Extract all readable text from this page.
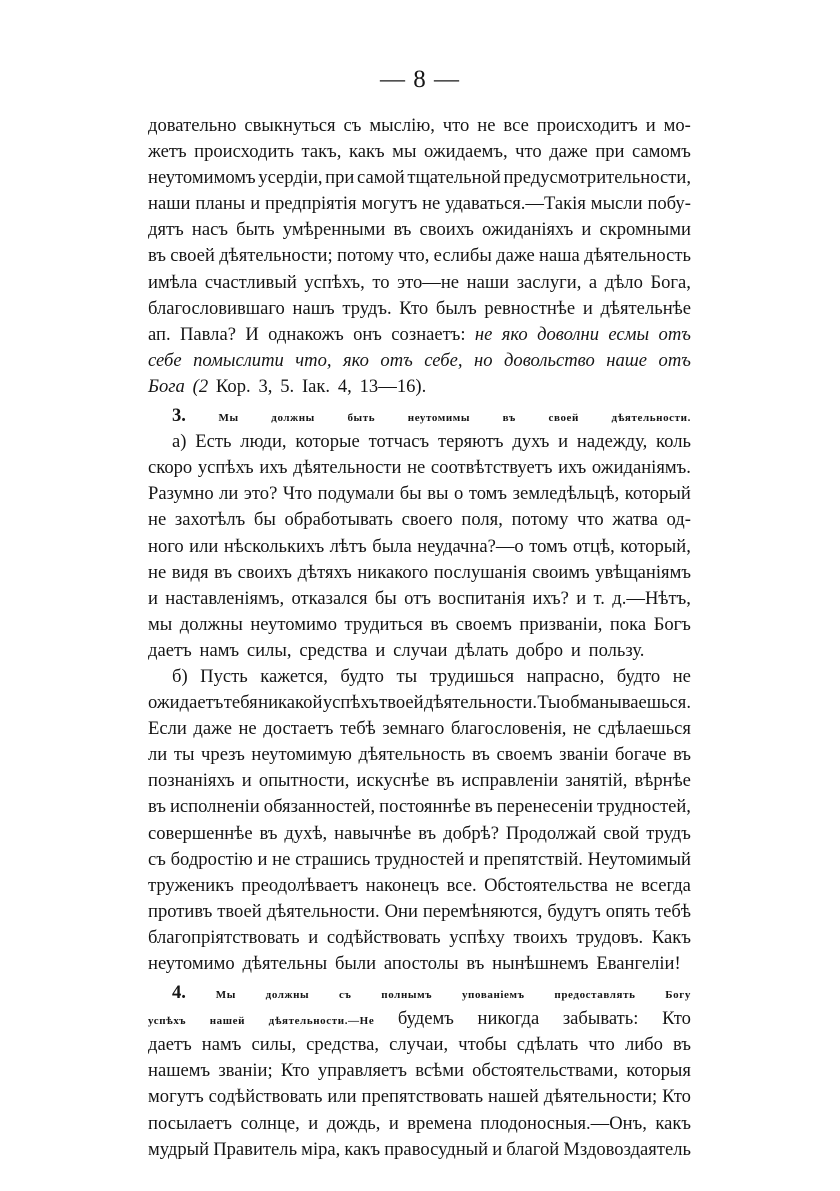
— 8 —
довательно свыкнуться съ мыслію, что не все происходитъ и мо-
жетъ происходить такъ, какъ мы ожидаемъ, что даже при самомъ
неутомимомъ усердіи, при самой тщательной предусмотрительности,
наши планы и предпріятія могутъ не удаваться.—Такія мысли побу-
дятъ насъ быть умѣренными въ своихъ ожиданіяхъ и скромными
въ своей дѣятельности; потому что, еслибы даже наша дѣятельность
имѣла счастливый успѣхъ, то это—не наши заслуги, а дѣло Бога,
благословившаго нашъ трудъ. Кто былъ ревностнѣе и дѣятельнѣе
ап. Павла? И однакожъ онъ сознаетъ: не яко доволни есмы отъ
себе помыслити что, яко отъ себе, но довольство наше отъ
Бога (2 Кор. 3, 5. Іак. 4, 13—16).
3.	Мы	должны	быть	неутомимы	въ	своей	дѣятельности.
а) Есть люди, которые тотчасъ теряютъ духъ и надежду, коль
скоро успѣхъ ихъ дѣятельности не соотвѣтствуетъ ихъ ожиданіямъ.
Разумно ли это? Что подумали бы вы о томъ земледѣльцѣ, который
не захотѣлъ бы обработывать своего поля, потому что жатва од-
ного или нѣсколькихъ лѣтъ была неудачна?—о томъ отцѣ, который,
не видя въ своихъ дѣтяхъ никакого послушанія своимъ увѣщаніямъ
и наставленіямъ, отказался бы отъ воспитанія ихъ? и т. д.—Нѣтъ,
мы должны неутомимо трудиться въ своемъ призваніи, пока Богъ
даетъ намъ силы, средства и случаи дѣлать добро и пользу.
б) Пусть кажется, будто ты трудишься напрасно, будто не
ожидаетъ тебя никакой успѣхъ твоей дѣятельности. Ты обманываешься.
Если даже не достаетъ тебѣ земнаго благословенія, не сдѣлаешься
ли ты чрезъ неутомимую дѣятельность въ своемъ званіи богаче въ
познаніяхъ и опытности, искуснѣе въ исправленіи занятій, вѣрнѣе
въ исполненіи обязанностей, постояннѣе въ перенесеніи трудностей,
совершеннѣе въ духѣ, навычнѣе въ добрѣ? Продолжай свой трудъ
съ бодростію и не страшись трудностей и препятствій. Неутомимый
труженикъ преодолѣваетъ наконецъ все. Обстоятельства не всегда
противъ твоей дѣятельности. Они перемѣняются, будутъ опять тебѣ
благопріятствовать и содѣйствовать успѣху твоихъ трудовъ. Какъ
неутомимо дѣятельны были апостолы въ нынѣшнемъ Евангеліи!
4.	Мы	должны	съ	полнымъ	упованіемъ	предоставлять	Богу
успѣхъ нашей дѣятельности.—Не будемъ никогда забывать: Кто
даетъ намъ силы, средства, случаи, чтобы сдѣлать что либо въ
нашемъ званіи; Кто управляетъ всѣми обстоятельствами, которыя
могутъ содѣйствовать или препятствовать нашей дѣятельности; Кто
посылаетъ солнце, и дождь, и времена плодоносныя.—Онъ, какъ
мудрый Правитель міра, какъ правосудный и благой Мздовоздаятель
